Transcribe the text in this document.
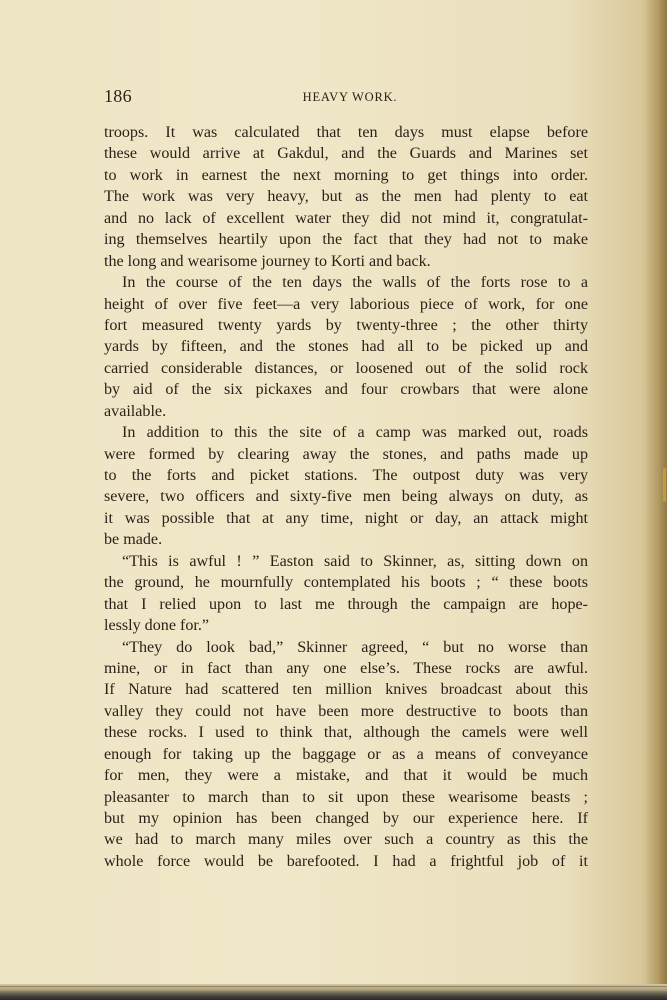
186	HEAVY WORK.
troops. It was calculated that ten days must elapse before
these would arrive at Gakdul, and the Guards and Marines set
to work in earnest the next morning to get things into order.
The work was very heavy, but as the men had plenty to eat
and no lack of excellent water they did not mind it, congratulat-
ing themselves heartily upon the fact that they had not to make
the long and wearisome journey to Korti and back.
In the course of the ten days the walls of the forts rose to a
height of over five feet—a very laborious piece of work, for one
fort measured twenty yards by twenty-three ; the other thirty
yards by fifteen, and the stones had all to be picked up and
carried considerable distances, or loosened out of the solid rock
by aid of the six pickaxes and four crowbars that were alone
available.
In addition to this the site of a camp was marked out, roads
were formed by clearing away the stones, and paths made up
to the forts and picket stations. The outpost duty was very
severe, two officers and sixty-five men being always on duty, as
it was possible that at any time, night or day, an attack might
be made.
“This is awful ! ” Easton said to Skinner, as, sitting down on
the ground, he mournfully contemplated his boots ; “ these boots
that I relied upon to last me through the campaign are hope-
lessly done for.”
“They do look bad,” Skinner agreed, “ but no worse than
mine, or in fact than any one else’s. These rocks are awful.
If Nature had scattered ten million knives broadcast about this
valley they could not have been more destructive to boots than
these rocks. I used to think that, although the camels were well
enough for taking up the baggage or as a means of conveyance
for men, they were a mistake, and that it would be much
pleasanter to march than to sit upon these wearisome beasts ;
but my opinion has been changed by our experience here. If
we had to march many miles over such a country as this the
whole force would be barefooted. I had a frightful job of it
